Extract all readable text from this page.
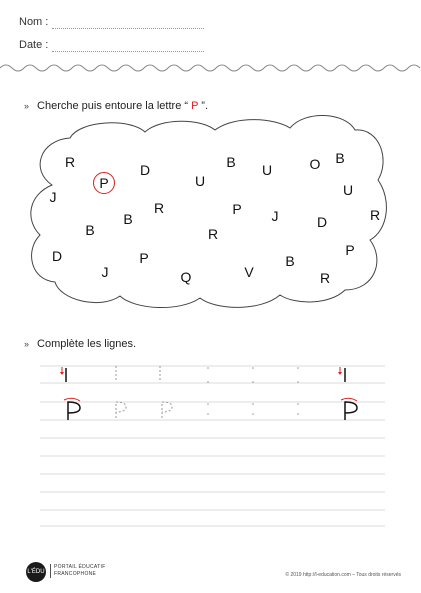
Nom :
Date :
» Cherche puis entoure la lettre “ P ”.
R
P
D	B U	O B
J
U
U
B
R	P J	D	R
B
R
P
D
J
P
Q	V
B
R
» Complète les lignes.
L'ÉDU
PORTAIL ÉDUCATIF
FRANCOPHONE	© 2019 http://l-education.com – Tous droits réservés
